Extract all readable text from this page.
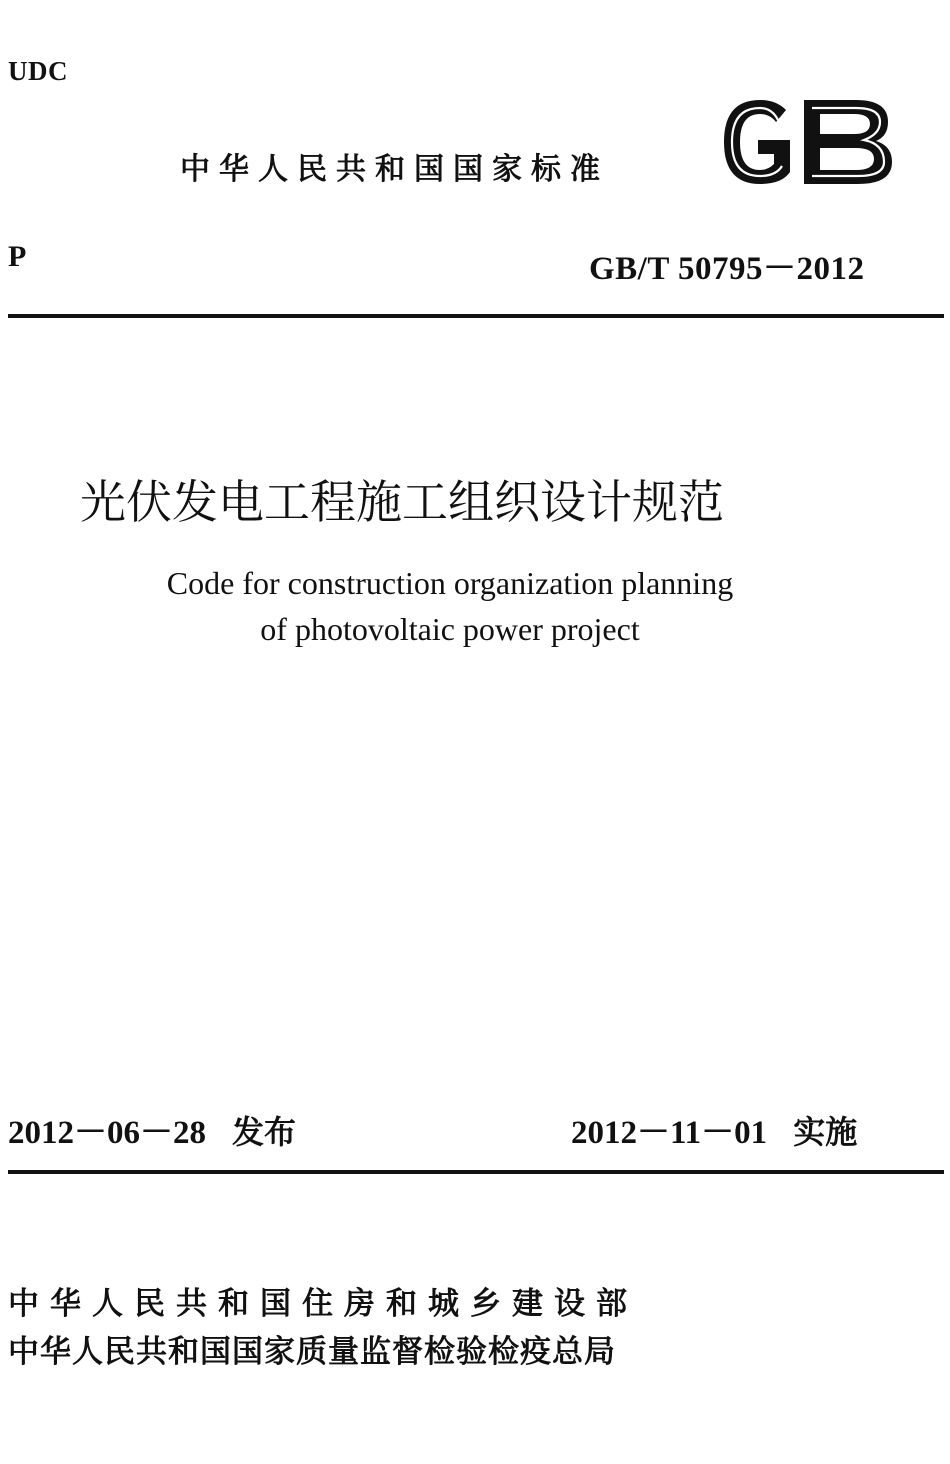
UDC
中华人民共和国国家标准
P	GB/T 50795－2012
光伏发电工程施工组织设计规范
Code for construction organization planning
of photovoltaic power project
2012－06－28 发布	2012－11－01 实施
中华人民共和国住房和城乡建设部
中华人民共和国国家质量监督检验检疫总局
